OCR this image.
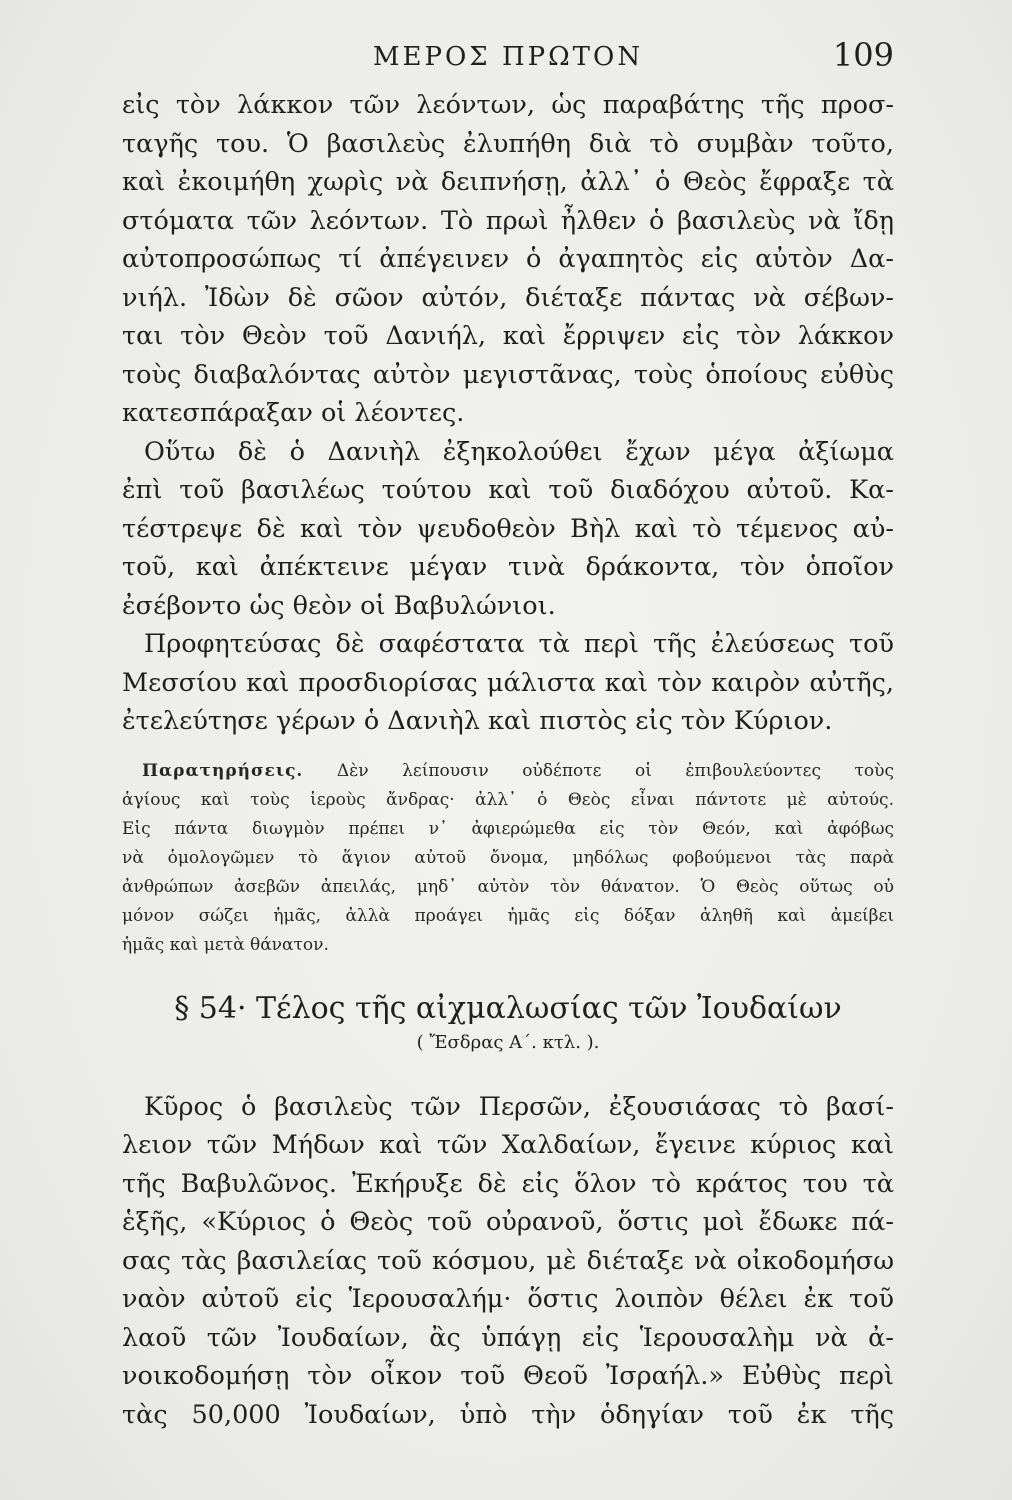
ΜΕΡΟΣ ΠΡΩΤΟΝ	109

εἰς τὸν λάκκον τῶν λεόντων, ὡς παραβάτης τῆς προσ-
ταγῆς του. Ὁ βασιλεὺς ἐλυπήθη διὰ τὸ συμβὰν τοῦτο,
καὶ ἐκοιμήθη χωρὶς νὰ δειπνήσῃ, ἀλλ᾽ ὁ Θεὸς ἔφραξε τὰ
στόματα τῶν λεόντων. Τὸ πρωὶ ἦλθεν ὁ βασιλεὺς νὰ ἴδῃ
αὐτοπροσώπως τί ἀπέγεινεν ὁ ἀγαπητὸς εἰς αὐτὸν Δα-
νιήλ. Ἰδὼν δὲ σῶον αὐτόν, διέταξε πάντας νὰ σέβων-
ται τὸν Θεὸν τοῦ Δανιήλ, καὶ ἔρριψεν εἰς τὸν λάκκον
τοὺς διαβαλόντας αὐτὸν μεγιστᾶνας, τοὺς ὁποίους εὐθὺς
κατεσπάραξαν οἱ λέοντες.

Οὕτω δὲ ὁ Δανιὴλ ἐξηκολούθει ἔχων μέγα ἀξίωμα
ἐπὶ τοῦ βασιλέως τούτου καὶ τοῦ διαδόχου αὐτοῦ. Κα-
τέστρεψε δὲ καὶ τὸν ψευδοθεὸν Βὴλ καὶ τὸ τέμενος αὐ-
τοῦ, καὶ ἀπέκτεινε μέγαν τινὰ δράκοντα, τὸν ὁποῖον
ἐσέβοντο ὡς θεὸν οἱ Βαβυλώνιοι.

Προφητεύσας δὲ σαφέστατα τὰ περὶ τῆς ἐλεύσεως τοῦ
Μεσσίου καὶ προσδιορίσας μάλιστα καὶ τὸν καιρὸν αὐτῆς,
ἐτελεύτησε γέρων ὁ Δανιὴλ καὶ πιστὸς εἰς τὸν Κύριον.

Παρατηρήσεις. Δὲν λείπουσιν οὐδέποτε οἱ ἐπιβουλεύοντες τοὺς
ἁγίους καὶ τοὺς ἱεροὺς ἄνδρας· ἀλλ᾽ ὁ Θεὸς εἶναι πάντοτε μὲ αὐτούς.
Εἰς πάντα διωγμὸν πρέπει ν᾽ ἀφιερώμεθα εἰς τὸν Θεόν, καὶ ἀφόβως
νὰ ὁμολογῶμεν τὸ ἅγιον αὐτοῦ ὄνομα, μηδόλως φοβούμενοι τὰς παρὰ
ἀνθρώπων ἀσεβῶν ἀπειλάς, μηδ᾽ αὐτὸν τὸν θάνατον. Ὁ Θεὸς οὕτως οὐ
μόνον σώζει ἡμᾶς, ἀλλὰ προάγει ἡμᾶς εἰς δόξαν ἀληθῆ καὶ ἀμείβει
ἡμᾶς καὶ μετὰ θάνατον.
§ 54· Τέλος τῆς αἰχμαλωσίας τῶν Ἰουδαίων
( Ἔσδρας Α΄. κτλ. ).

Κῦρος ὁ βασιλεὺς τῶν Περσῶν, ἐξουσιάσας τὸ βασί-
λειον τῶν Μήδων καὶ τῶν Χαλδαίων, ἔγεινε κύριος καὶ
τῆς Βαβυλῶνος. Ἐκήρυξε δὲ εἰς ὅλον τὸ κράτος του τὰ
ἑξῆς, «Κύριος ὁ Θεὸς τοῦ οὐρανοῦ, ὅστις μοὶ ἔδωκε πά-
σας τὰς βασιλείας τοῦ κόσμου, μὲ διέταξε νὰ οἰκοδομήσω
ναὸν αὐτοῦ εἰς Ἱερουσαλήμ· ὅστις λοιπὸν θέλει ἐκ τοῦ
λαοῦ τῶν Ἰουδαίων, ἂς ὑπάγῃ εἰς Ἱερουσαλὴμ νὰ ἀ-
νοικοδομήσῃ τὸν οἶκον τοῦ Θεοῦ Ἰσραήλ.» Εὐθὺς περὶ
τὰς 50,000 Ἰουδαίων, ὑπὸ τὴν ὁδηγίαν τοῦ ἐκ τῆς
